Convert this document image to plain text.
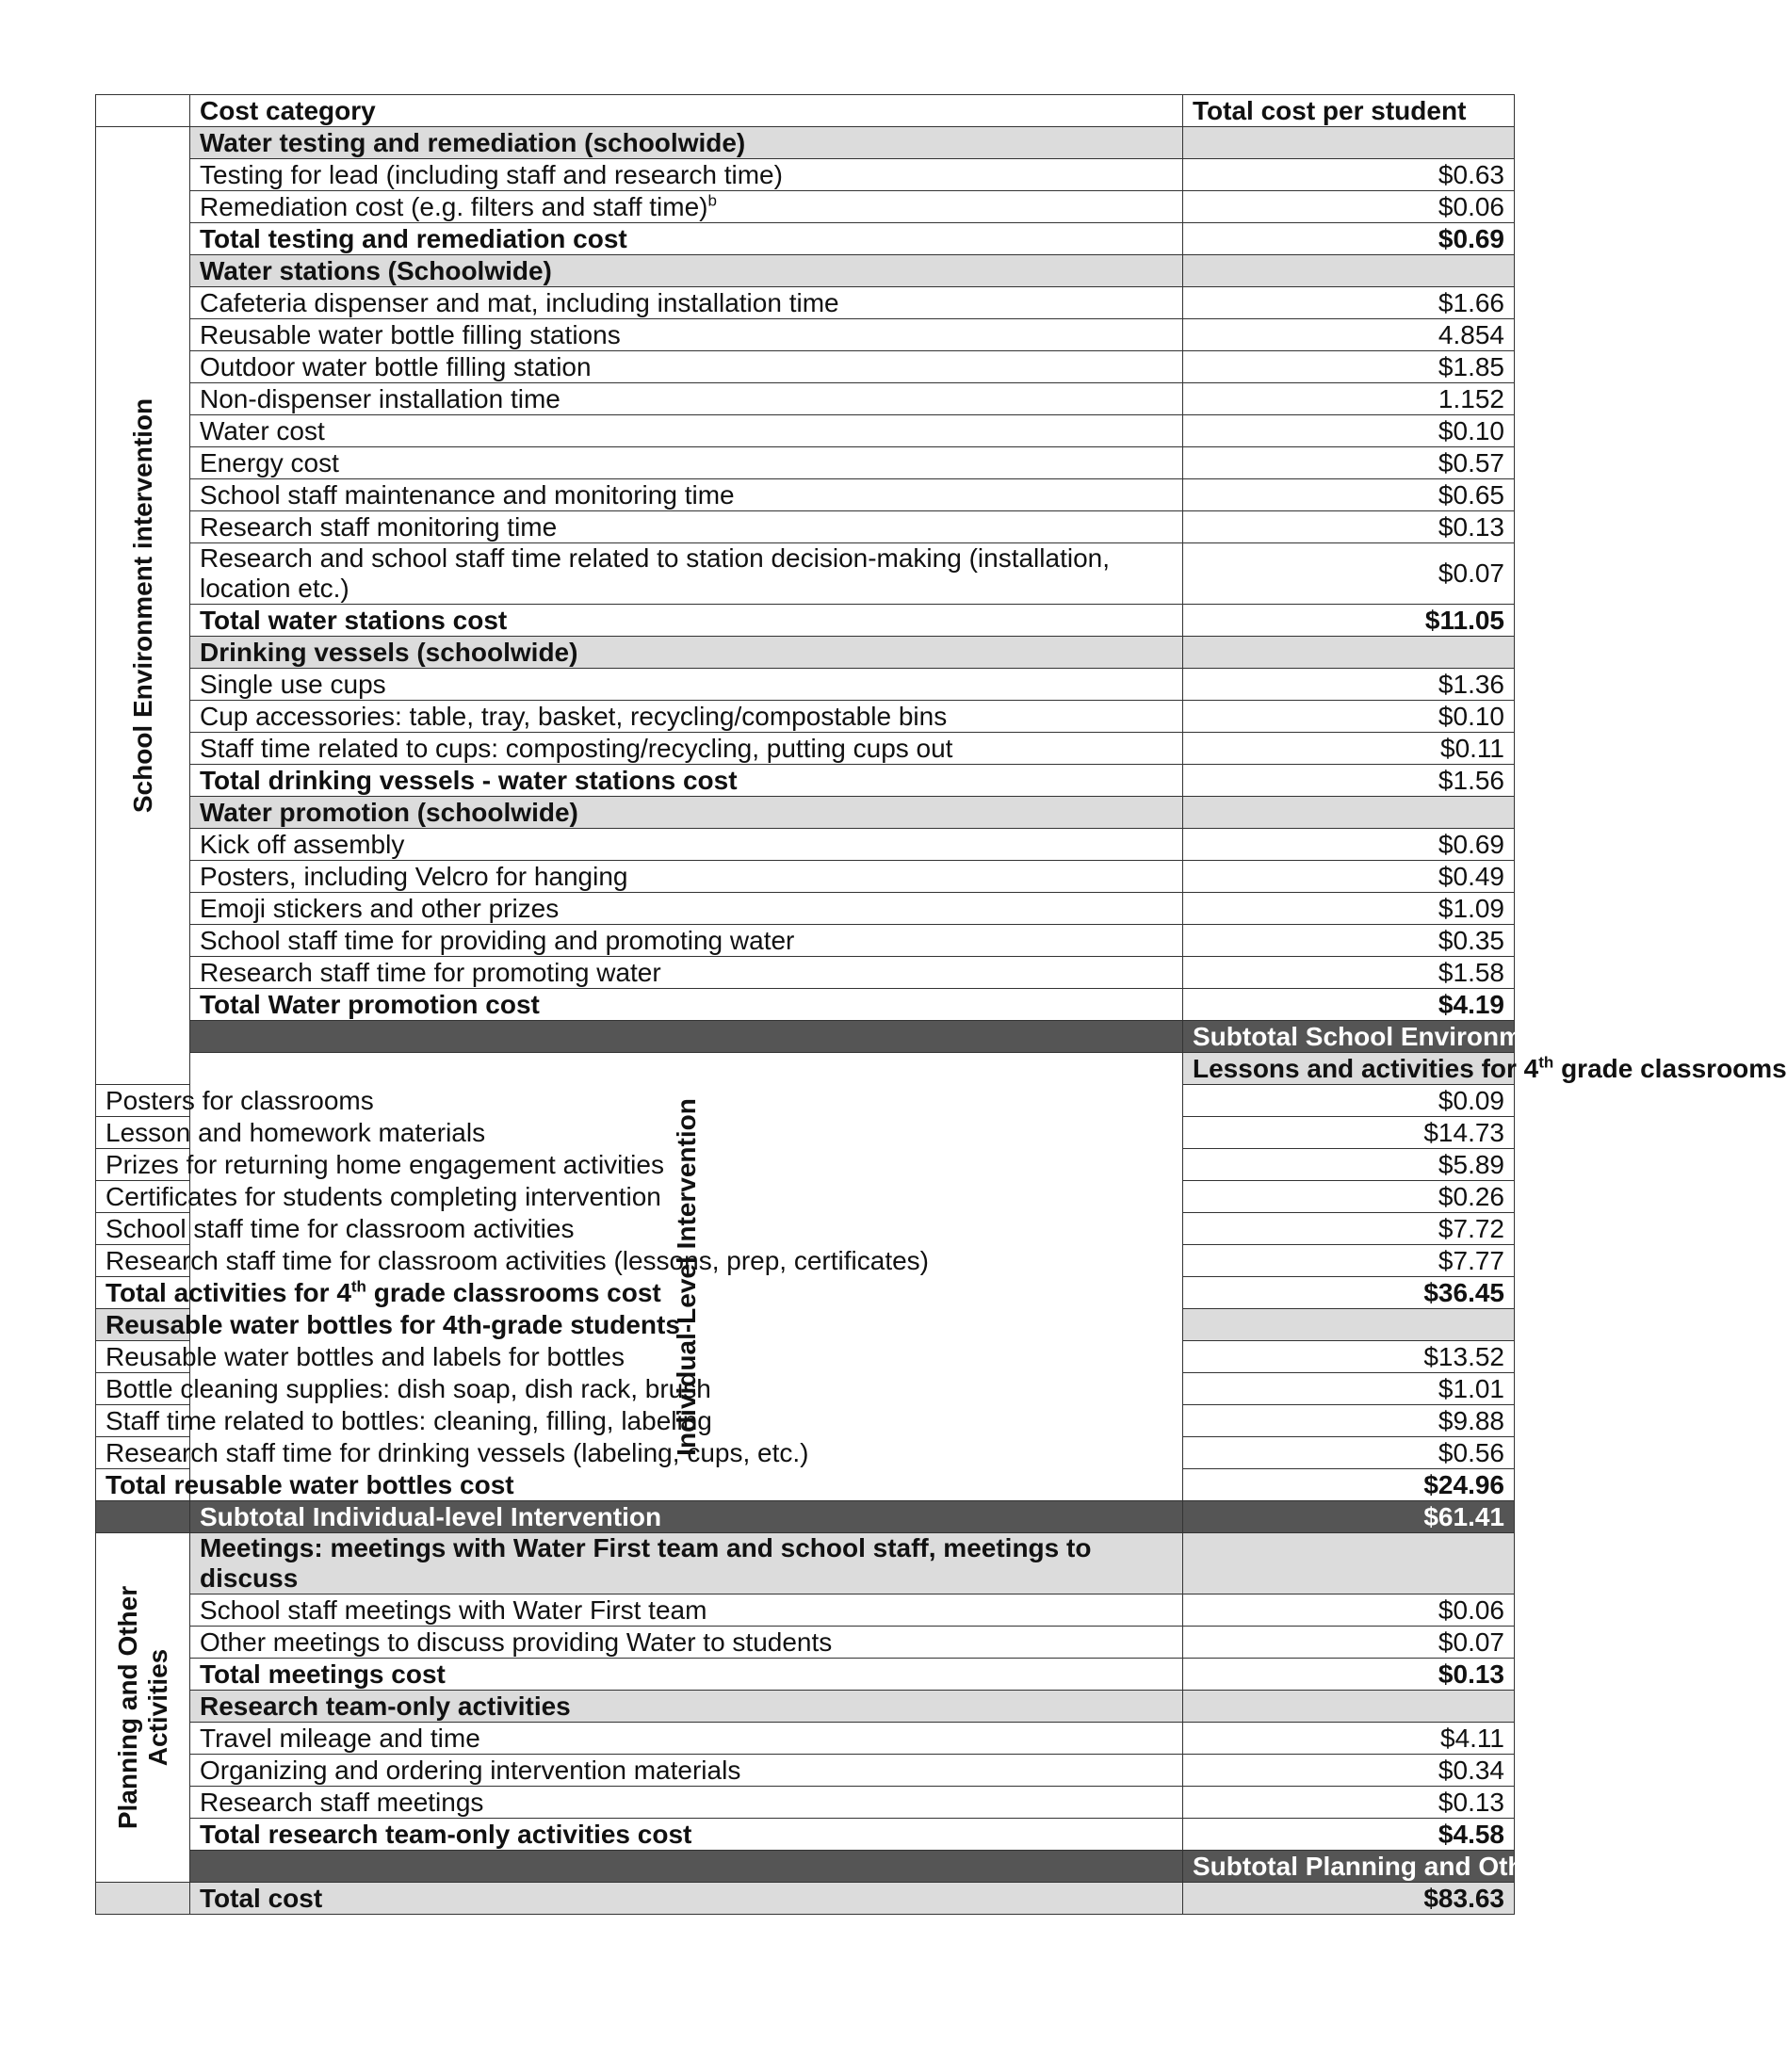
	Cost category	Total cost per student	

School Environment intervention	Water testing and remediation (schoolwide)		
	Testing for lead (including staff and research time)	$0.63	
	Remediation cost (e.g. filters and staff time)$^b$	$0.06	
	Total testing and remediation cost	$0.69	
	Water stations (Schoolwide)		
	Cafeteria dispenser and mat, including installation time	$1.66	
	Reusable water bottle filling stations	4.854	
	Outdoor water bottle filling station	$1.85	
	Non-dispenser installation time	1.152	
	Water cost	$0.10	
	Energy cost	$0.57	
	School staff maintenance and monitoring time	$0.65	
	Research staff monitoring time	$0.13	
	Research and school staff time related to station decision-making (installation, location etc.)	$0.07	
	Total water stations cost	$11.05	
	Drinking vessels (schoolwide)		
	Single use cups	$1.36	
	Cup accessories: table, tray, basket, recycling/compostable bins	$0.10	
	Staff time related to cups: composting/recycling, putting cups out	$0.11	
	Total drinking vessels - water stations cost	$1.56	
	Water promotion (schoolwide)		
	Kick off assembly	$0.69	
	Posters, including Velcro for hanging	$0.49	
	Emoji stickers and other prizes	$1.09	
	School staff time for providing and promoting water	$0.35	
	Research staff time for promoting water	$1.58	
	Total Water promotion cost	$4.19	
		Subtotal School Environment intervention	

	Individual-Level Intervention	Lessons and activities for 4th grade classrooms	
Posters for classrooms		$0.09	
Lesson and homework materials		$14.73	
Prizes for returning home engagement activities		$5.89	
Certificates for students completing intervention		$0.26	
School staff time for classroom activities		$7.72	
Research staff time for classroom activities (lessons, prep, certificates)		$7.77	
Total activities for 4th grade classrooms cost		$36.45	
Reusable water bottles for 4th-grade students			
Reusable water bottles and labels for bottles		$13.52	
Bottle cleaning supplies: dish soap, dish rack, brush		$1.01	
Staff time related to bottles: cleaning, filling, labeling		$9.88	
Research staff time for drinking vessels (labeling, cups, etc.)		$0.56	
Total reusable water bottles cost		$24.96	
	Subtotal Individual-level Intervention	$61.41	

Planning and Other Activities	Meetings: meetings with Water First team and school staff, meetings to discuss		
	School staff meetings with Water First team	$0.06	
	Other meetings to discuss providing Water to students	$0.07	
	Total meetings cost	$0.13	
	Research team-only activities		
	Travel mileage and time	$4.11	
	Organizing and ordering intervention materials	$0.34	
	Research staff meetings	$0.13	
	Total research team-only activities cost	$4.58	
		Subtotal Planning and Other Activities	
	Total cost	$83.63	
